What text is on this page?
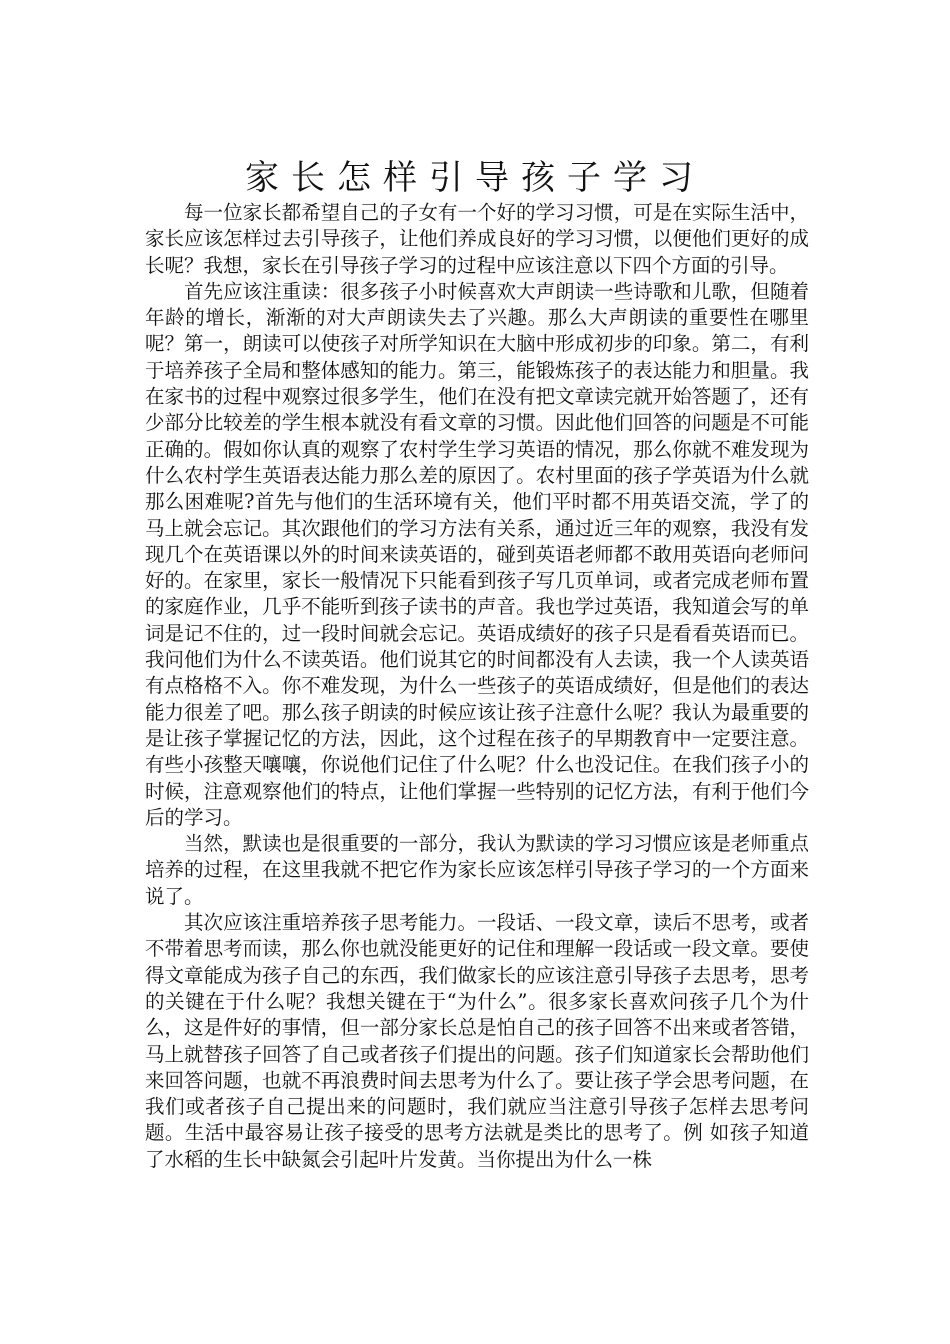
家长怎样引导孩子学习

每一位家长都希望自己的子女有一个好的学习习惯，可是在实际生活中，家长应该怎样过去引导孩子，让他们养成良好的学习习惯，以便他们更好的成长呢？我想，家长在引导孩子学习的过程中应该注意以下四个方面的引导。

首先应该注重读：很多孩子小时候喜欢大声朗读一些诗歌和儿歌，但随着年龄的增长，渐渐的对大声朗读失去了兴趣。那么大声朗读的重要性在哪里呢？第一，朗读可以使孩子对所学知识在大脑中形成初步的印象。第二，有利于培养孩子全局和整体感知的能力。第三，能锻炼孩子的表达能力和胆量。我在家书的过程中观察过很多学生，他们在没有把文章读完就开始答题了，还有少部分比较差的学生根本就没有看文章的习惯。因此他们回答的问题是不可能正确的。假如你认真的观察了农村学生学习英语的情况，那么你就不难发现为什么农村学生英语表达能力那么差的原因了。农村里面的孩子学英语为什么就那么困难呢?首先与他们的生活环境有关，他们平时都不用英语交流，学了的马上就会忘记。其次跟他们的学习方法有关系，通过近三年的观察，我没有发现几个在英语课以外的时间来读英语的，碰到英语老师都不敢用英语向老师问好的。在家里，家长一般情况下只能看到孩子写几页单词，或者完成老师布置的家庭作业，几乎不能听到孩子读书的声音。我也学过英语，我知道会写的单词是记不住的，过一段时间就会忘记。英语成绩好的孩子只是看看英语而已。我问他们为什么不读英语。他们说其它的时间都没有人去读，我一个人读英语有点格格不入。你不难发现，为什么一些孩子的英语成绩好，但是他们的表达能力很差了吧。那么孩子朗读的时候应该让孩子注意什么呢？我认为最重要的是让孩子掌握记忆的方法，因此，这个过程在孩子的早期教育中一定要注意。有些小孩整天嚷嚷，你说他们记住了什么呢？什么也没记住。在我们孩子小的时候，注意观察他们的特点，让他们掌握一些特别的记忆方法，有利于他们今后的学习。

当然，默读也是很重要的一部分，我认为默读的学习习惯应该是老师重点培养的过程，在这里我就不把它作为家长应该怎样引导孩子学习的一个方面来说了。

其次应该注重培养孩子思考能力。一段话、一段文章，读后不思考，或者不带着思考而读，那么你也就没能更好的记住和理解一段话或一段文章。要使得文章能成为孩子自己的东西，我们做家长的应该注意引导孩子去思考，思考的关键在于什么呢？我想关键在于“为什么”。很多家长喜欢问孩子几个为什么，这是件好的事情，但一部分家长总是怕自己的孩子回答不出来或者答错，马上就替孩子回答了自己或者孩子们提出的问题。孩子们知道家长会帮助他们来回答问题，也就不再浪费时间去思考为什么了。要让孩子学会思考问题，在我们或者孩子自己提出来的问题时，我们就应当注意引导孩子怎样去思考问题。生活中最容易让孩子接受的思考方法就是类比的思考了。例 如孩子知道了水稻的生长中缺氮会引起叶片发黄。当你提出为什么一株
